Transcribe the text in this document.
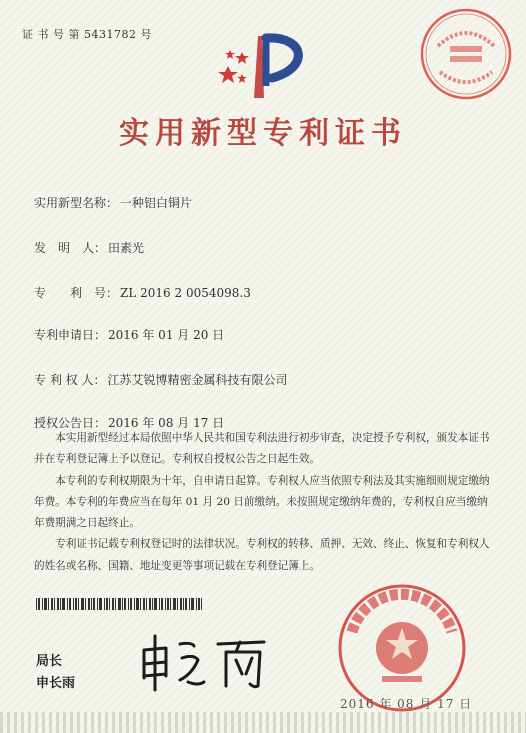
证 书 号 第 5431782 号
实用新型专利证书
实用新型名称： 一种铝白铜片
发　明　人： 田素光
专　　利　号： ZL 2016 2 0054098.3
专利申请日： 2016 年 01 月 20 日
专 利 权 人： 江苏艾锐博精密金属科技有限公司
授权公告日： 2016 年 08 月 17 日

本实用新型经过本局依照中华人民共和国专利法进行初步审查，决定授予专利权，颁发本证书并在专利登记簿上予以登记。专利权自授权公告之日起生效。

本专利的专利权期限为十年，自申请日起算。专利权人应当依照专利法及其实施细则规定缴纳年费。本专利的年费应当在每年 01 月 20 日前缴纳。未按照规定缴纳年费的，专利权自应当缴纳年费期满之日起终止。

专利证书记载专利权登记时的法律状况。专利权的转移、质押、无效、终止、恢复和专利权人的姓名或名称、国籍、地址变更等事项记载在专利登记簿上。

局长
申长雨
2016 年 08 月 17 日
